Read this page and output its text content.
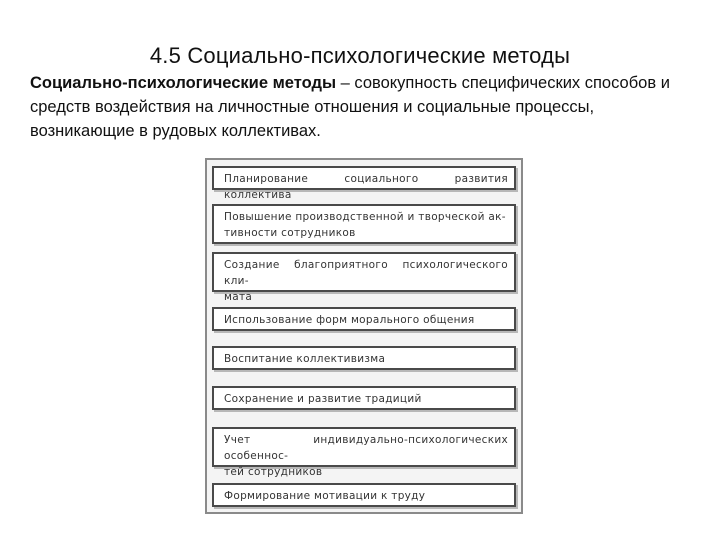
4.5 Социально-психологические методы

Социально-психологические методы – совокупность специфических способов и средств воздействия на личностные отношения и социальные процессы, возникающие в рудовых коллективах.

Планирование социального развития коллектива
Повышение производственной и творческой ак-
тивности сотрудников
Создание благоприятного психологического кли-
мата
Использование форм морального общения
Воспитание коллективизма
Сохранение и развитие традиций
Учет индивидуально-психологических особеннос-
тей сотрудников
Формирование мотивации к труду
